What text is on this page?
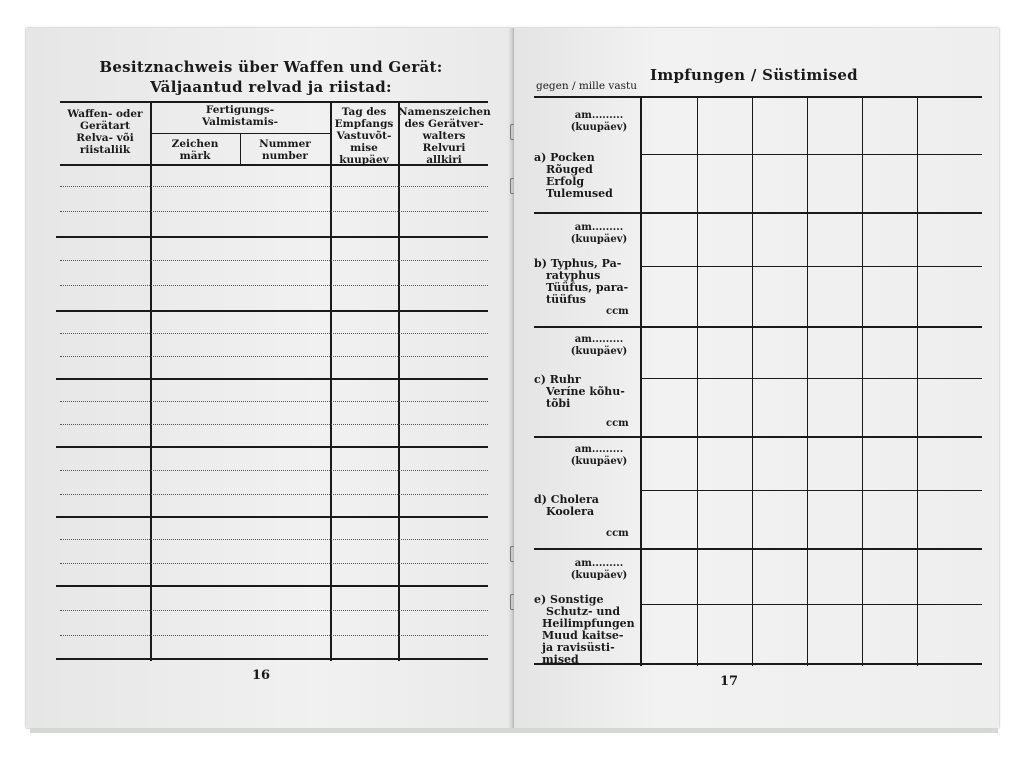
Besitznachweis über Waffen und Gerät:
Väljaantud relvad ja riistad:
Waffen- oder
Gerätart
Relva- või
riistaliik
Fertigungs-
Valmistamis-
Zeichen
märk
Nummer
number
Tag des
Empfangs
Vastuvõt-
mise
kuupäev
Namenszeichen
des Gerätver-
walters
Relvuri
allkiri
16
Impfungen / Süstimised
gegen / mille vastu
am.........
(kuupäev)
a) Pocken
Rõuged
Erfolg
Tulemused
am.........
(kuupäev)
b) Typhus, Pa-
ratyphus
Tüüfus, para-
tüüfus
ccm
am.........
(kuupäev)
c) Ruhr
Veríne kõhu-
tõbi
ccm
am.........
(kuupäev)
d) Cholera
Koolera
ccm
am.........
(kuupäev)
e) Sonstige
Schutz- und
Heilimpfungen
Muud kaitse-
ja ravisüsti-
mised
17
